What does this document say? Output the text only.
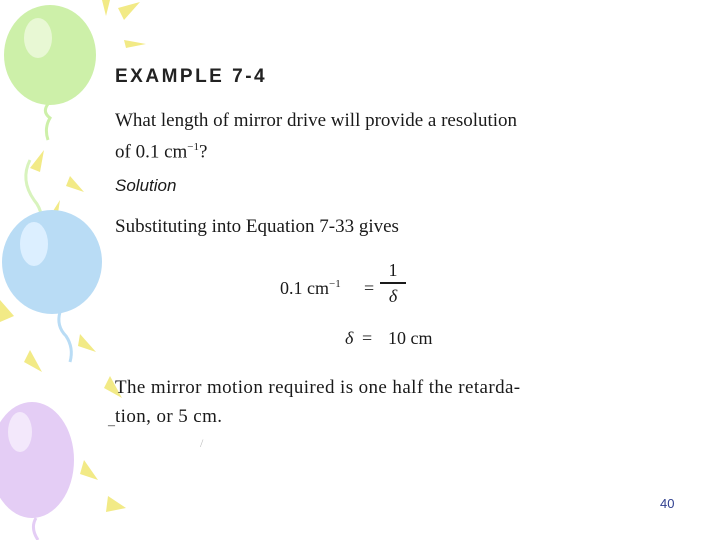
EXAMPLE 7-4
What length of mirror drive will provide a resolution
of 0.1 $cm^{-1}$?
Solution
Substituting into Equation 7-33 gives
0.1 $cm^{-1}$ =
1
δ
δ = 10 cm
The mirror motion required is one half the retarda-
tion, or 5 cm.
–
/
40
